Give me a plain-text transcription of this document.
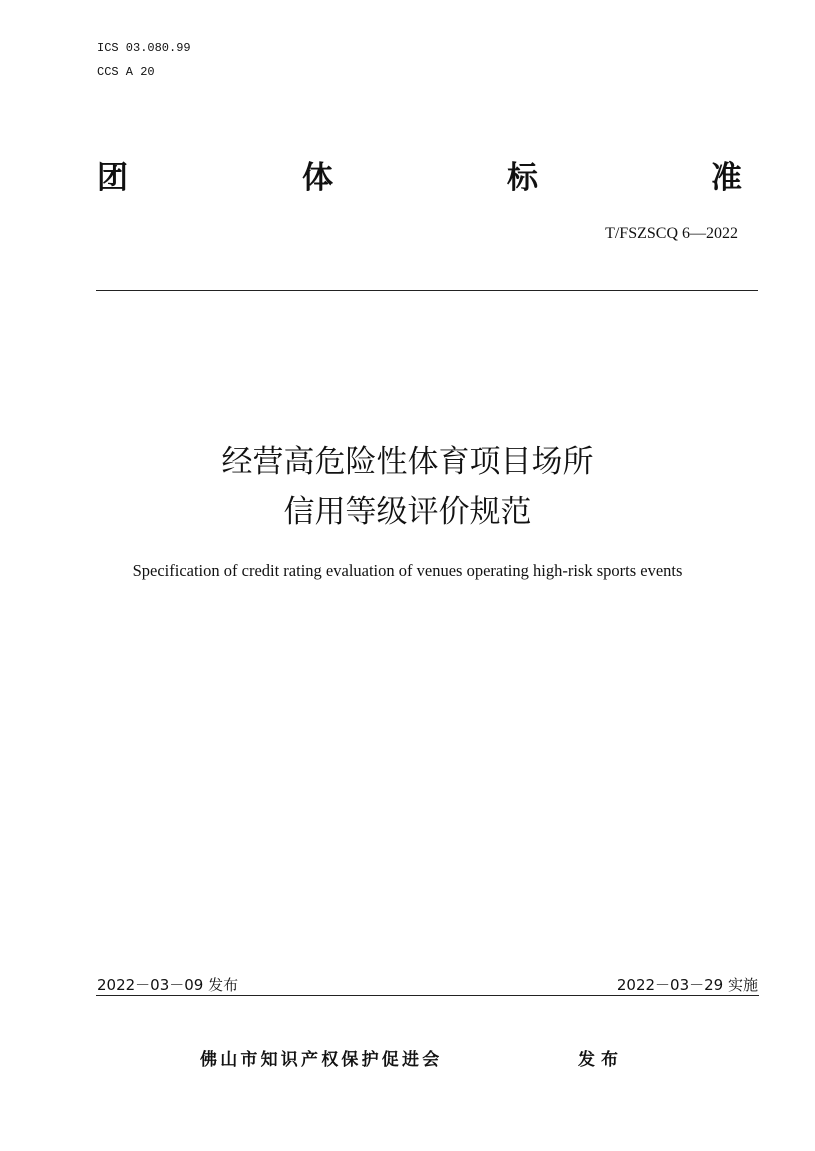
ICS 03.080.99
CCS A 20
团	体	标	准
T/FSZSCQ 6—2022
经营高危险性体育项目场所
信用等级评价规范
Specification of credit rating evaluation of venues operating high-risk sports events
2022－03－09 发布	2022－03－29 实施
佛山市知识产权保护促进会	发布
